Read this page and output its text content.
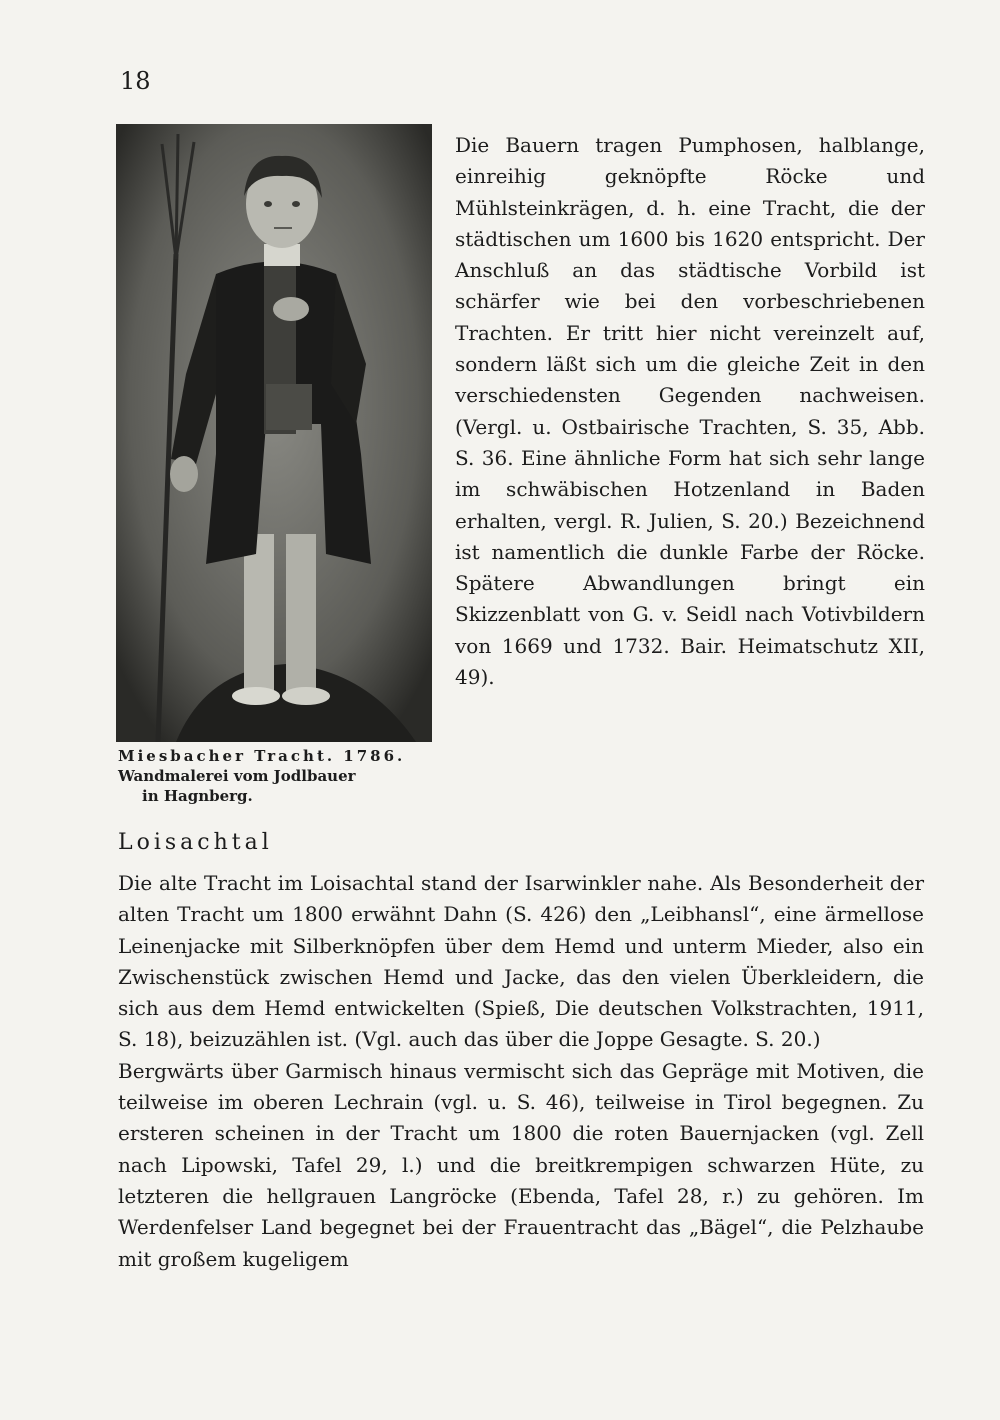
18
Miesbacher Tracht. 1786.
Wandmalerei vom Jodlbauer
in Hagnberg.
Die Bauern tragen Pumphosen, halblange, einreihig geknöpfte Röcke und Mühlsteinkrägen, d. h. eine Tracht, die der städtischen um 1600 bis 1620 entspricht. Der Anschluß an das städtische Vorbild ist schärfer wie bei den vorbeschriebenen Trachten. Er tritt hier nicht vereinzelt auf, sondern läßt sich um die gleiche Zeit in den verschiedensten Gegenden nachweisen. (Vergl. u. Ostbairische Trachten, S. 35, Abb. S. 36. Eine ähnliche Form hat sich sehr lange im schwäbischen Hotzenland in Baden erhalten, vergl. R. Julien, S. 20.) Bezeichnend ist namentlich die dunkle Farbe der Röcke. Spätere Abwandlungen bringt ein Skizzenblatt von G. v. Seidl nach Votivbildern von 1669 und 1732. Bair. Heimatschutz XII, 49).
Loisachtal

Die alte Tracht im Loisachtal stand der Isarwinkler nahe. Als Besonderheit der alten Tracht um 1800 erwähnt Dahn (S. 426) den „Leibhansl“, eine ärmellose Leinenjacke mit Silberknöpfen über dem Hemd und unterm Mieder, also ein Zwischenstück zwischen Hemd und Jacke, das den vielen Überkleidern, die sich aus dem Hemd entwickelten (Spieß, Die deutschen Volkstrachten, 1911, S. 18), beizuzählen ist. (Vgl. auch das über die Joppe Gesagte. S. 20.)

Bergwärts über Garmisch hinaus vermischt sich das Gepräge mit Motiven, die teilweise im oberen Lechrain (vgl. u. S. 46), teilweise in Tirol begegnen. Zu ersteren scheinen in der Tracht um 1800 die roten Bauernjacken (vgl. Zell nach Lipowski, Tafel 29, l.) und die breitkrempigen schwarzen Hüte, zu letzteren die hellgrauen Langröcke (Ebenda, Tafel 28, r.) zu gehören. Im Werdenfelser Land begegnet bei der Frauentracht das „Bägel“, die Pelzhaube mit großem kugeligem
